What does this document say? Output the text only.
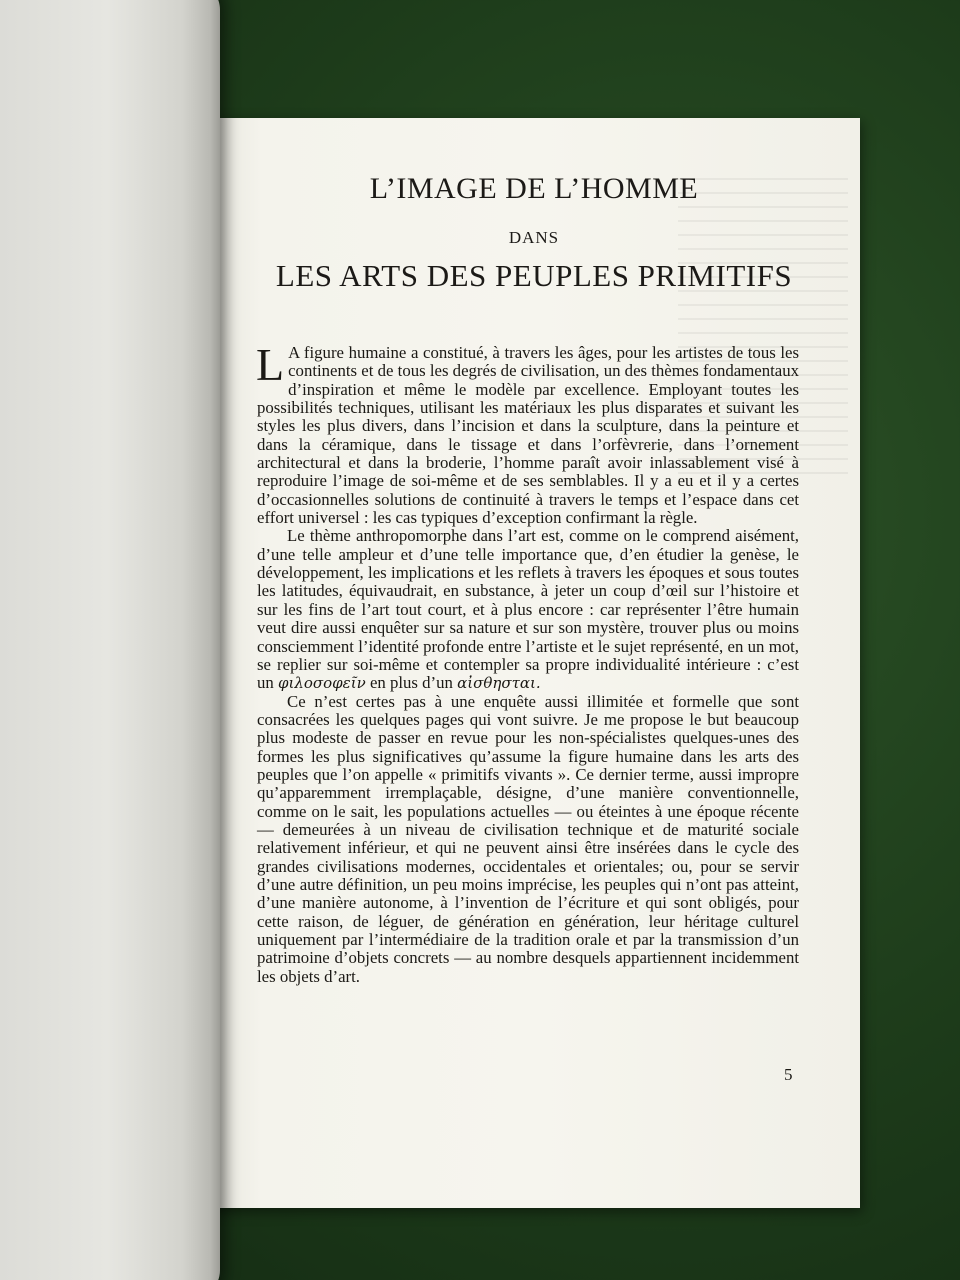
L’IMAGE DE L’HOMME
DANS
LES ARTS DES PEUPLES PRIMITIFS

L A figure humaine a constitué, à travers les âges, pour les artistes de tous les continents et de tous les degrés de civilisation, un des thèmes fondamentaux d’inspiration et même le modèle par excellence. Employant toutes les possibilités techniques, utilisant les matériaux les plus disparates et suivant les styles les plus divers, dans l’incision et dans la sculpture, dans la peinture et dans la céramique, dans le tissage et dans l’orfèvrerie, dans l’ornement architectural et dans la broderie, l’homme paraît avoir inlassablement visé à reproduire l’image de soi-même et de ses semblables. Il y a eu et il y a certes d’occasionnelles solutions de continuité à travers le temps et l’espace dans cet effort universel : les cas typiques d’exception confirmant la règle.

Le thème anthropomorphe dans l’art est, comme on le comprend aisément, d’une telle ampleur et d’une telle importance que, d’en étudier la genèse, le développement, les implications et les reflets à travers les époques et sous toutes les latitudes, équivaudrait, en substance, à jeter un coup d’œil sur l’histoire et sur les fins de l’art tout court, et à plus encore : car représenter l’être humain veut dire aussi enquêter sur sa nature et sur son mystère, trouver plus ou moins consciemment l’identité profonde entre l’artiste et le sujet représenté, en un mot, se replier sur soi-même et contempler sa propre individualité intérieure : c’est un φιλοσοφεῖν en plus d’un αἰσθησται.

Ce n’est certes pas à une enquête aussi illimitée et formelle que sont consacrées les quelques pages qui vont suivre. Je me propose le but beaucoup plus modeste de passer en revue pour les non-spécialistes quelques-unes des formes les plus significatives qu’assume la figure humaine dans les arts des peuples que l’on appelle « primitifs vivants ». Ce dernier terme, aussi impropre qu’apparemment irremplaçable, désigne, d’une manière conventionnelle, comme on le sait, les populations actuelles — ou éteintes à une époque récente — demeurées à un niveau de civilisation technique et de maturité sociale relativement inférieur, et qui ne peuvent ainsi être insérées dans le cycle des grandes civilisations modernes, occidentales et orientales; ou, pour se servir d’une autre définition, un peu moins imprécise, les peuples qui n’ont pas atteint, d’une manière autonome, à l’invention de l’écriture et qui sont obligés, pour cette raison, de léguer, de génération en génération, leur héritage culturel uniquement par l’intermédiaire de la tradition orale et par la transmission d’un patrimoine d’objets concrets — au nombre desquels appartiennent incidemment les objets d’art.

5
